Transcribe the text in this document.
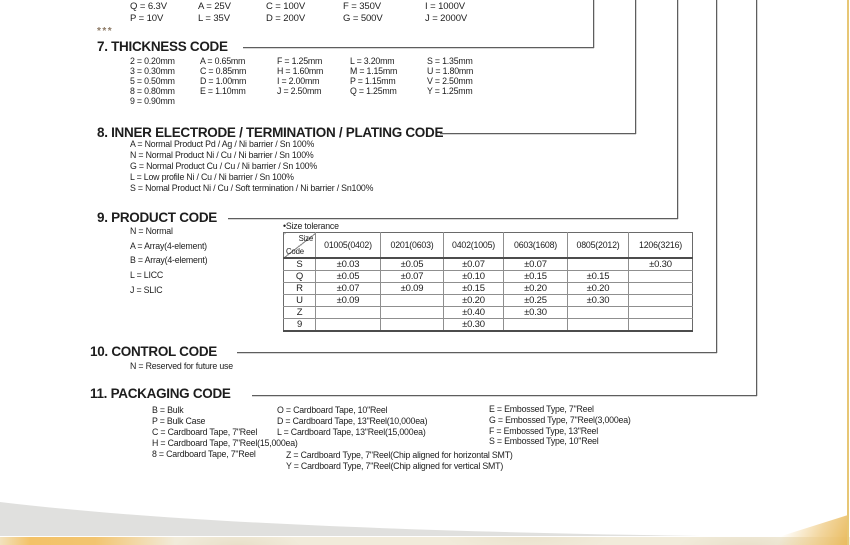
Q = 6.3V	A = 25V	C = 100V	F = 350V	I = 1000V
P = 10V	L = 35V	D = 200V	G = 500V	J = 2000V
***
7. THICKNESS CODE
2 = 0.20mm	A = 0.65mm	F = 1.25mm	L = 3.20mm	S = 1.35mm
3 = 0.30mm	C = 0.85mm	H = 1.60mm	M = 1.15mm	U = 1.80mm
5 = 0.50mm	D = 1.00mm	I = 2.00mm	P = 1.15mm	V = 2.50mm
8 = 0.80mm	E = 1.10mm	J = 2.50mm	Q = 1.25mm	Y = 1.25mm
9 = 0.90mm
8. INNER ELECTRODE / TERMINATION / PLATING CODE
A = Normal Product Pd / Ag / Ni barrier / Sn 100%
N = Normal Product Ni / Cu / Ni barrier / Sn 100%
G = Normal Product Cu / Cu / Ni barrier / Sn 100%
L = Low profile Ni / Cu / Ni barrier / Sn 100%
S = Nomal Product Ni / Cu / Soft termination / Ni barrier / Sn100%
9. PRODUCT CODE
N = Normal
A = Array(4-element)
B = Array(4-element)
L = LICC
J = SLIC
•Size tolerance
Size
Code	01005(0402)	0201(0603)	0402(1005)	0603(1608)	0805(2012)	1206(3216)
S	±0.03	±0.05	±0.07	±0.07		±0.30
Q	±0.05	±0.07	±0.10	±0.15	±0.15	
R	±0.07	±0.09	±0.15	±0.20	±0.20	
U	±0.09		±0.20	±0.25	±0.30	
Z			±0.40	±0.30		
9			±0.30			
10. CONTROL CODE
N = Reserved for future use
11. PACKAGING CODE
B = Bulk
P = Bulk Case
C = Cardboard Tape, 7"Reel
H = Cardboard Tape, 7"Reel(15,000ea)
8 = Cardboard Tape, 7"Reel
O = Cardboard Tape, 10"Reel
D = Cardboard Tape, 13"Reel(10,000ea)
L = Cardboard Tape, 13"Reel(15,000ea)
Z = Cardboard Type, 7"Reel(Chip aligned for horizontal SMT)
Y = Cardboard Type, 7"Reel(Chip aligned for vertical SMT)
E = Embossed Type, 7"Reel
G = Embossed Type, 7"Reel(3,000ea)
F = Embossed Type, 13"Reel
S = Embossed Type, 10"Reel
